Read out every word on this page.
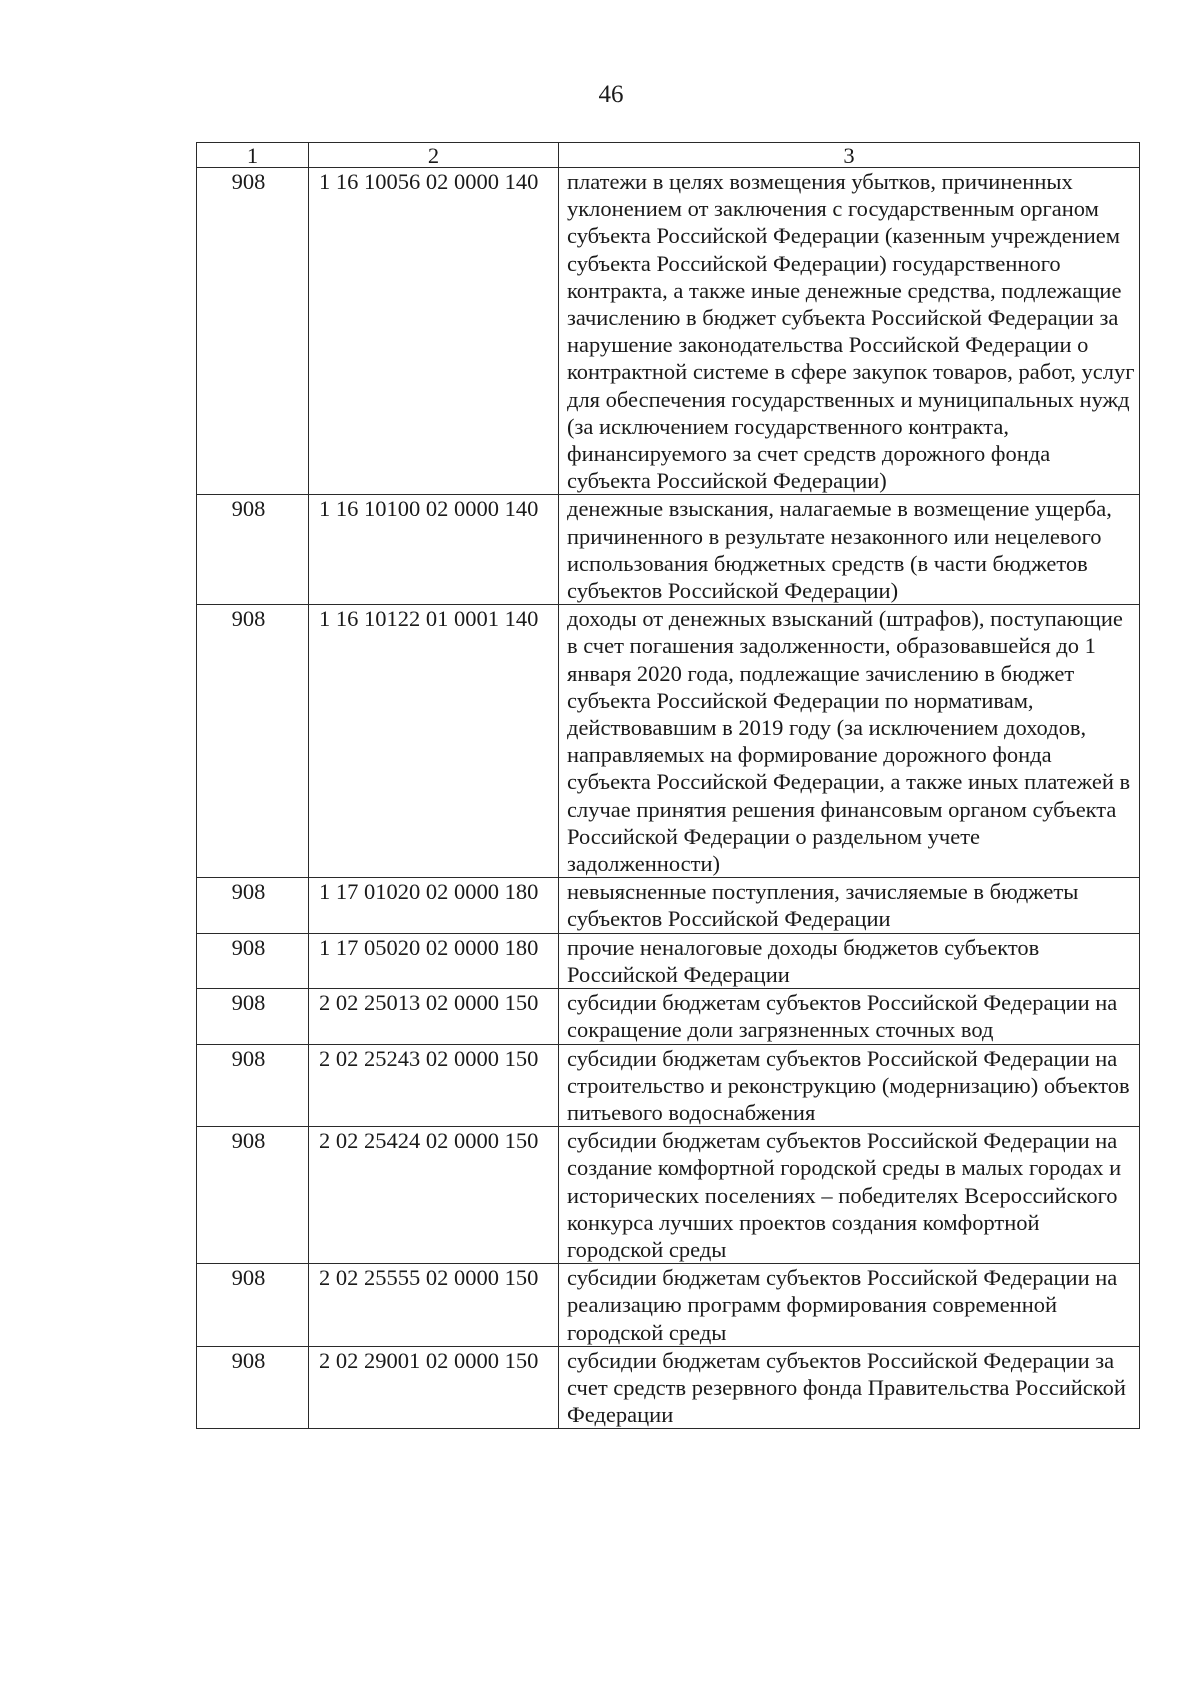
46
1	2	3
908	1 16 10056 02 0000 140	платежи в целях возмещения убытков, причиненных уклонением от заключения с государственным органом субъекта Российской Федерации (казенным учреждением субъекта Российской Федерации) государственного контракта, а также иные денежные средства, подлежащие зачислению в бюджет субъекта Российской Федерации за нарушение законодательства Российской Федерации о контрактной системе в сфере закупок товаров, работ, услуг для обеспечения государственных и муниципальных нужд (за исключением государственного контракта, финансируемого за счет средств дорожного фонда субъекта Российской Федерации)
908	1 16 10100 02 0000 140	денежные взыскания, налагаемые в возмещение ущерба, причиненного в результате незаконного или нецелевого использования бюджетных средств (в части бюджетов субъектов Российской Федерации)
908	1 16 10122 01 0001 140	доходы от денежных взысканий (штрафов), поступающие в счет погашения задолженности, образовавшейся до 1 января 2020 года, подлежащие зачислению в бюджет субъекта Российской Федерации по нормативам, действовавшим в 2019 году (за исключением доходов, направляемых на формирование дорожного фонда субъекта Российской Федерации, а также иных платежей в случае принятия решения финансовым органом субъекта Российской Федерации о раздельном учете задолженности)
908	1 17 01020 02 0000 180	невыясненные поступления, зачисляемые в бюджеты субъектов Российской Федерации
908	1 17 05020 02 0000 180	прочие неналоговые доходы бюджетов субъектов Российской Федерации
908	2 02 25013 02 0000 150	субсидии бюджетам субъектов Российской Федерации на сокращение доли загрязненных сточных вод
908	2 02 25243 02 0000 150	субсидии бюджетам субъектов Российской Федерации на строительство и реконструкцию (модернизацию) объектов питьевого водоснабжения
908	2 02 25424 02 0000 150	субсидии бюджетам субъектов Российской Федерации на создание комфортной городской среды в малых городах и исторических поселениях – победителях Всероссийского конкурса лучших проектов создания комфортной городской среды
908	2 02 25555 02 0000 150	субсидии бюджетам субъектов Российской Федерации на реализацию программ формирования современной городской среды
908	2 02 29001 02 0000 150	субсидии бюджетам субъектов Российской Федерации за счет средств резервного фонда Правительства Российской Федерации
